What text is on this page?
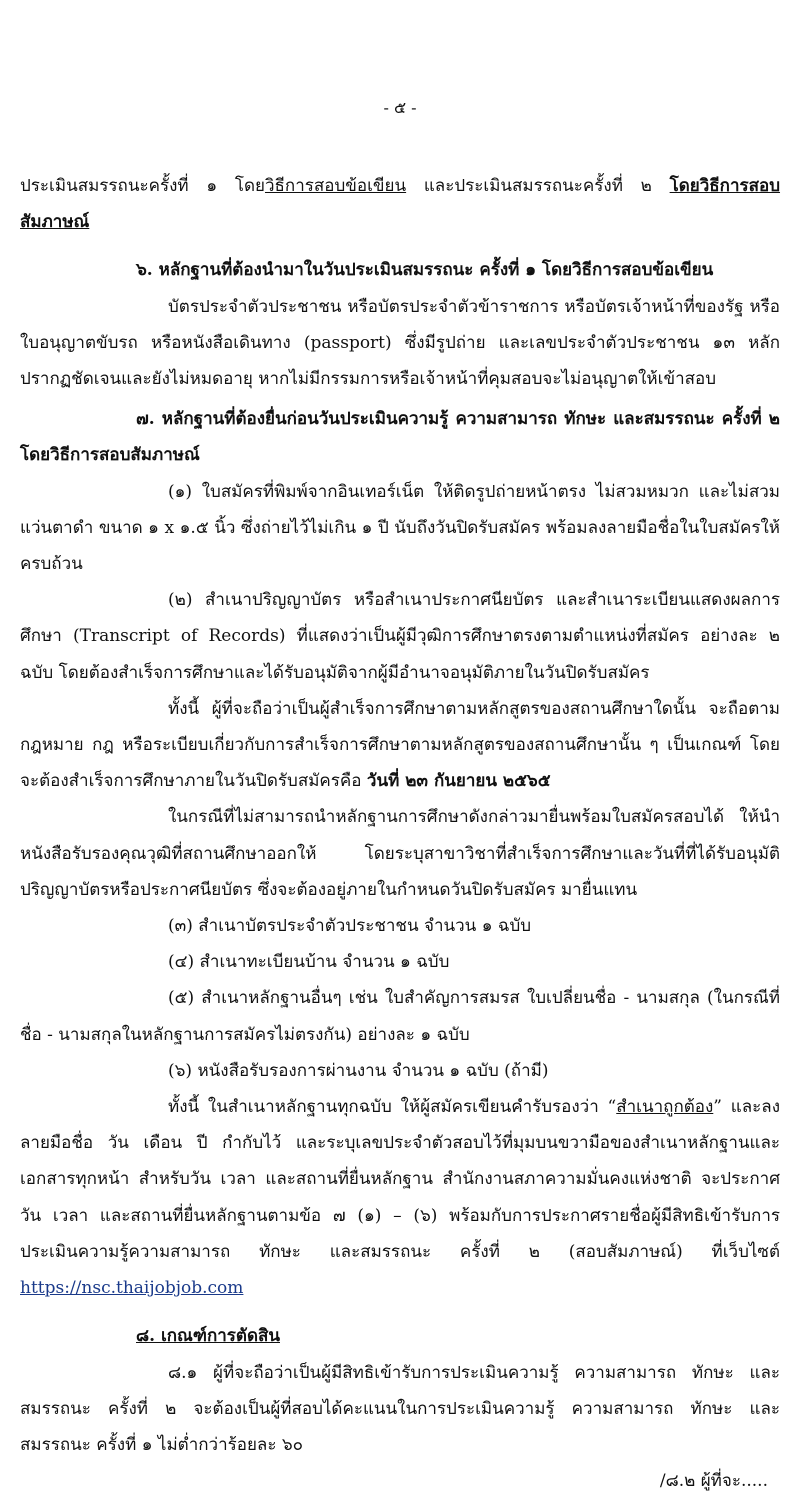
- ๕ -

ประเมินสมรรถนะครั้งที่ ๑ โดยวิธีการสอบข้อเขียน และประเมินสมรรถนะครั้งที่ ๒ โดยวิธีการสอบสัมภาษณ์

๖. หลักฐานที่ต้องนำมาในวันประเมินสมรรถนะ ครั้งที่ ๑ โดยวิธีการสอบข้อเขียน

บัตรประจำตัวประชาชน หรือบัตรประจำตัวข้าราชการ หรือบัตรเจ้าหน้าที่ของรัฐ หรือใบอนุญาตขับรถ หรือหนังสือเดินทาง (passport) ซึ่งมีรูปถ่าย และเลขประจำตัวประชาชน ๑๓ หลัก ปรากฏชัดเจนและยังไม่หมดอายุ หากไม่มีกรรมการหรือเจ้าหน้าที่คุมสอบจะไม่อนุญาตให้เข้าสอบ

๗. หลักฐานที่ต้องยื่นก่อนวันประเมินความรู้ ความสามารถ ทักษะ และสมรรถนะ ครั้งที่ ๒ โดยวิธีการสอบสัมภาษณ์

(๑) ใบสมัครที่พิมพ์จากอินเทอร์เน็ต ให้ติดรูปถ่ายหน้าตรง ไม่สวมหมวก และไม่สวมแว่นตาดำ ขนาด ๑ x ๑.๕ นิ้ว ซึ่งถ่ายไว้ไม่เกิน ๑ ปี นับถึงวันปิดรับสมัคร พร้อมลงลายมือชื่อในใบสมัครให้ครบถ้วน

(๒) สำเนาปริญญาบัตร หรือสำเนาประกาศนียบัตร และสำเนาระเบียนแสดงผลการศึกษา (Transcript of Records) ที่แสดงว่าเป็นผู้มีวุฒิการศึกษาตรงตามตำแหน่งที่สมัคร อย่างละ ๒ ฉบับ โดยต้องสำเร็จการศึกษาและได้รับอนุมัติจากผู้มีอำนาจอนุมัติภายในวันปิดรับสมัคร

ทั้งนี้ ผู้ที่จะถือว่าเป็นผู้สำเร็จการศึกษาตามหลักสูตรของสถานศึกษาใดนั้น จะถือตามกฎหมาย กฎ หรือระเบียบเกี่ยวกับการสำเร็จการศึกษาตามหลักสูตรของสถานศึกษานั้น ๆ เป็นเกณฑ์ โดยจะต้องสำเร็จการศึกษาภายในวันปิดรับสมัครคือ วันที่ ๒๓ กันยายน ๒๕๖๕

ในกรณีที่ไม่สามารถนำหลักฐานการศึกษาดังกล่าวมายื่นพร้อมใบสมัครสอบได้ ให้นำหนังสือรับรองคุณวุฒิที่สถานศึกษาออกให้ โดยระบุสาขาวิชาที่สำเร็จการศึกษาและวันที่ที่ได้รับอนุมัติปริญญาบัตรหรือประกาศนียบัตร ซึ่งจะต้องอยู่ภายในกำหนดวันปิดรับสมัคร มายื่นแทน

(๓) สำเนาบัตรประจำตัวประชาชน จำนวน ๑ ฉบับ

(๔) สำเนาทะเบียนบ้าน จำนวน ๑ ฉบับ

(๕) สำเนาหลักฐานอื่นๆ เช่น ใบสำคัญการสมรส ใบเปลี่ยนชื่อ - นามสกุล (ในกรณีที่ชื่อ - นามสกุลในหลักฐานการสมัครไม่ตรงกัน) อย่างละ ๑ ฉบับ

(๖) หนังสือรับรองการผ่านงาน จำนวน ๑ ฉบับ (ถ้ามี)

ทั้งนี้ ในสำเนาหลักฐานทุกฉบับ ให้ผู้สมัครเขียนคำรับรองว่า “สำเนาถูกต้อง” และลงลายมือชื่อ วัน เดือน ปี กำกับไว้ และระบุเลขประจำตัวสอบไว้ที่มุมบนขวามือของสำเนาหลักฐานและเอกสารทุกหน้า สำหรับวัน เวลา และสถานที่ยื่นหลักฐาน สำนักงานสภาความมั่นคงแห่งชาติ จะประกาศวัน เวลา และสถานที่ยื่นหลักฐานตามข้อ ๗ (๑) – (๖) พร้อมกับการประกาศรายชื่อผู้มีสิทธิเข้ารับการประเมินความรู้ความสามารถ ทักษะ และสมรรถนะ ครั้งที่ ๒ (สอบสัมภาษณ์) ที่เว็บไซต์ https://nsc.thaijobjob.com

๘. เกณฑ์การตัดสิน

๘.๑ ผู้ที่จะถือว่าเป็นผู้มีสิทธิเข้ารับการประเมินความรู้ ความสามารถ ทักษะ และสมรรถนะ ครั้งที่ ๒ จะต้องเป็นผู้ที่สอบได้คะแนนในการประเมินความรู้ ความสามารถ ทักษะ และสมรรถนะ ครั้งที่ ๑ ไม่ต่ำกว่าร้อยละ ๖๐

/๘.๒ ผู้ที่จะ.....
